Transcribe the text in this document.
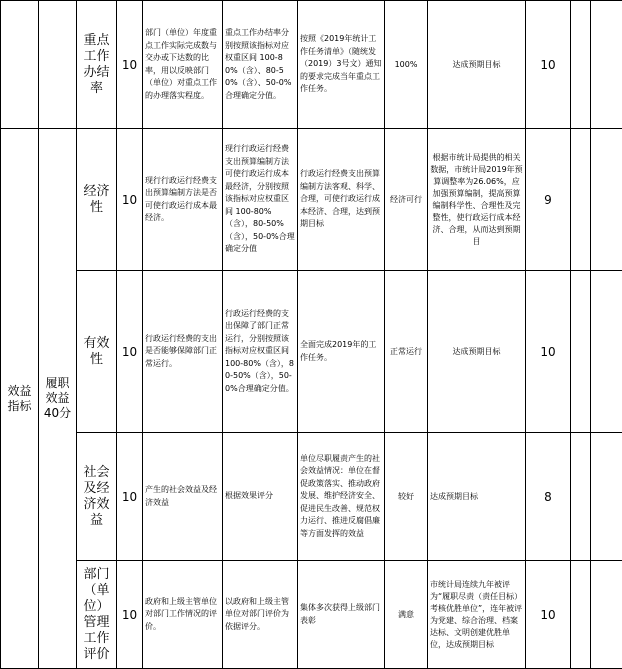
		重点工作办结率	10	部门（单位）年度重点工作实际完成数与交办或下达数的比率，用以反映部门（单位）对重点工作的办理落实程度。	重点工作办结率分别按照该指标对应权重区间 100-80%（含）、80-50%（含）、50-0%合理确定分值。	按照《2019年统计工作任务清单》（随统发（2019）3号文）通知的要求完成当年重点工作任务。	100%	达成预期目标	10		
效益指标	履职效益40分	经济性	10	现行行政运行经费支出预算编制方法是否可使行政运行成本最经济。	现行行政运行经费支出预算编制方法可使行政运行成本最经济，分别按照该指标对应权重区间 100-80%（含），80-50%（含），50-0%合理确定分值	行政运行经费支出预算编制方法客观、科学、合理，可使行政运行成本经济、合理，达到预期目标	经济可行	根据市统计局提供的相关数据，市统计局2019年预算调整率为26.06%，应加强预算编制，提高预算编制科学性、合理性及完整性，使行政运行成本经济、合理，从而达到预期目	9		
		有效性	10	行政运行经费的支出是否能够保障部门正常运行。	行政运行经费的支出保障了部门正常运行，分别按照该指标对应权重区间 100-80%（含），80-50%（含），50-0%合理确定分值。	全面完成2019年的工作任务。	正常运行	达成预期目标	10		
		社会及经济效益	10	产生的社会效益及经济效益	根据效果评分	单位尽职履责产生的社会效益情况：单位在督促政策落实、推动政府发展、维护经济安全、促进民生改善、规范权力运行、推进反腐倡廉等方面发挥的效益	较好	达成预期目标	8		
		部门（单位）管理工作评价	10	政府和上级主管单位对部门工作情况的评价。	以政府和上级主管单位对部门评价为依据评分。	集体多次获得上级部门表彰	满意	市统计局连续九年被评为“履职尽责（责任目标）考核优胜单位”，连年被评为党建、综合治理、档案达标、文明创建优胜单位，达成预期目标	10		
